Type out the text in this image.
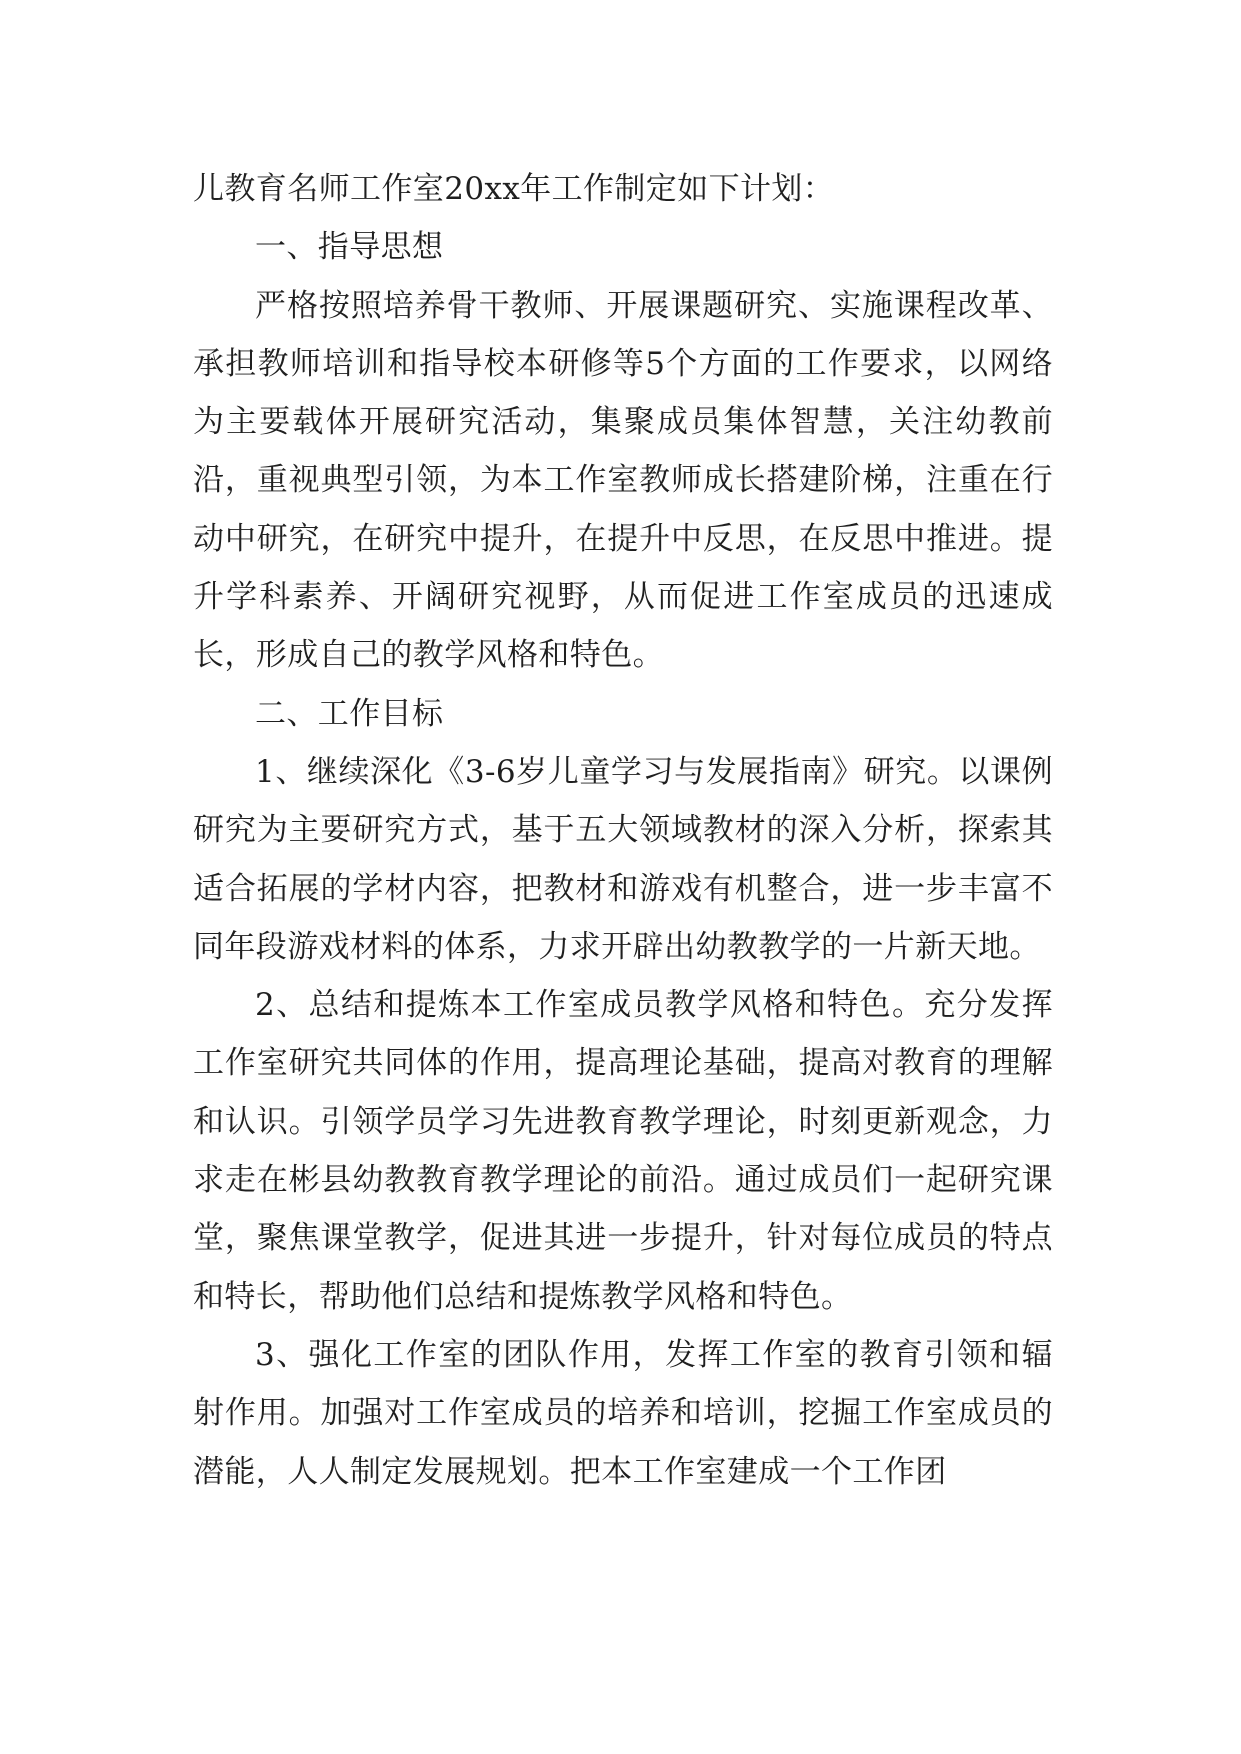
儿教育名师工作室20xx年工作制定如下计划：

一、指导思想

严格按照培养骨干教师、开展课题研究、实施课程改革、承担教师培训和指导校本研修等5个方面的工作要求，以网络为主要载体开展研究活动，集聚成员集体智慧，关注幼教前沿，重视典型引领，为本工作室教师成长搭建阶梯，注重在行动中研究，在研究中提升，在提升中反思，在反思中推进。提升学科素养、开阔研究视野，从而促进工作室成员的迅速成长，形成自己的教学风格和特色。

二、工作目标

1、继续深化《3-6岁儿童学习与发展指南》研究。以课例研究为主要研究方式，基于五大领域教材的深入分析，探索其适合拓展的学材内容，把教材和游戏有机整合，进一步丰富不同年段游戏材料的体系，力求开辟出幼教教学的一片新天地。

2、总结和提炼本工作室成员教学风格和特色。充分发挥工作室研究共同体的作用，提高理论基础，提高对教育的理解和认识。引领学员学习先进教育教学理论，时刻更新观念，力求走在彬县幼教教育教学理论的前沿。通过成员们一起研究课堂，聚焦课堂教学，促进其进一步提升，针对每位成员的特点和特长，帮助他们总结和提炼教学风格和特色。

3、强化工作室的团队作用，发挥工作室的教育引领和辐射作用。加强对工作室成员的培养和培训，挖掘工作室成员的潜能，人人制定发展规划。把本工作室建成一个工作团
